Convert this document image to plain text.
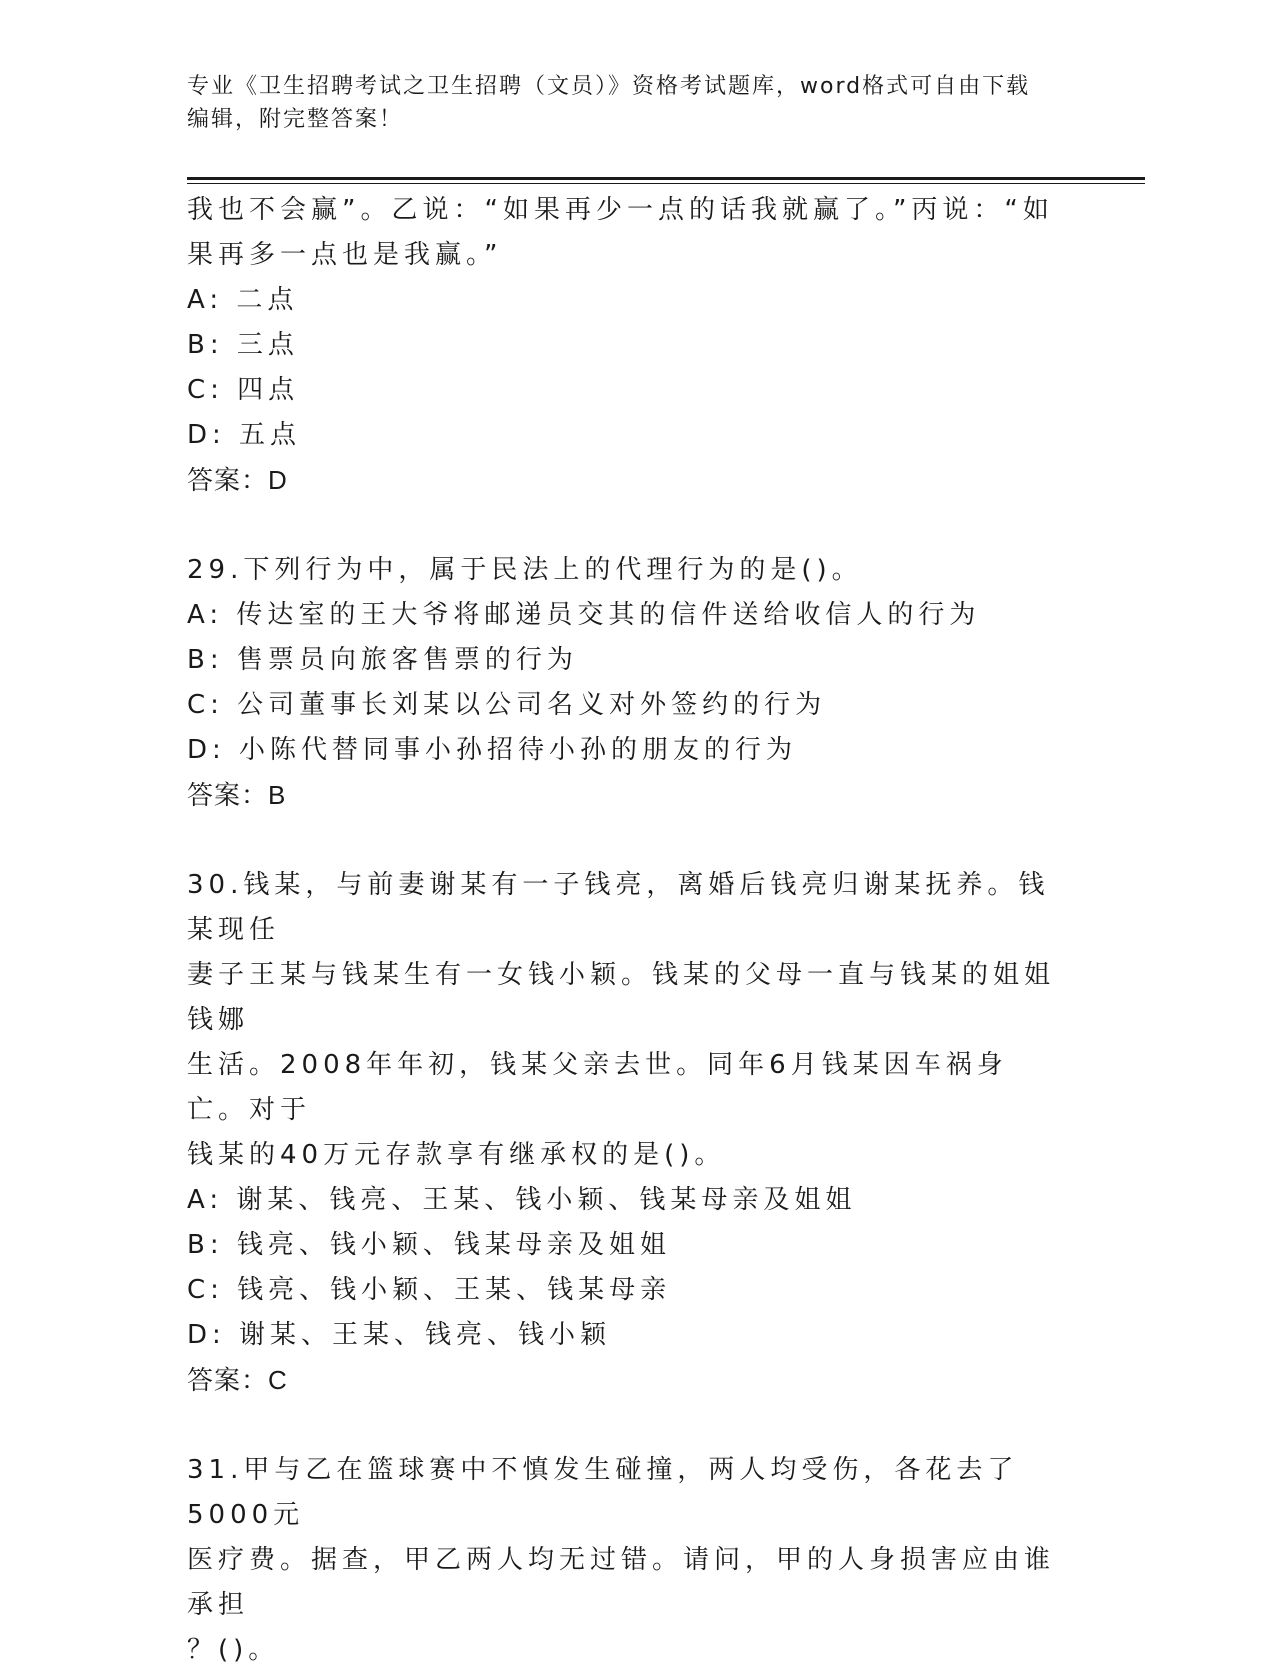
专业《卫生招聘考试之卫生招聘（文员）》资格考试题库，word格式可自由下载
编辑，附完整答案！

我也不会赢”。乙说：“如果再少一点的话我就赢了。”丙说：“如

果再多一点也是我赢。”

A: 二点

B: 三点

C: 四点

D: 五点

答案：D

29.下列行为中，属于民法上的代理行为的是()。

A: 传达室的王大爷将邮递员交其的信件送给收信人的行为

B: 售票员向旅客售票的行为

C: 公司董事长刘某以公司名义对外签约的行为

D: 小陈代替同事小孙招待小孙的朋友的行为

答案：B

30.钱某，与前妻谢某有一子钱亮，离婚后钱亮归谢某抚养。钱某现任

妻子王某与钱某生有一女钱小颖。钱某的父母一直与钱某的姐姐钱娜

生活。2008年年初，钱某父亲去世。同年6月钱某因车祸身亡。对于

钱某的40万元存款享有继承权的是()。

A: 谢某、钱亮、王某、钱小颖、钱某母亲及姐姐

B: 钱亮、钱小颖、钱某母亲及姐姐

C: 钱亮、钱小颖、王某、钱某母亲

D: 谢某、王某、钱亮、钱小颖

答案：C

31.甲与乙在篮球赛中不慎发生碰撞，两人均受伤，各花去了5000元

医疗费。据查，甲乙两人均无过错。请问，甲的人身损害应由谁承担

？()。
